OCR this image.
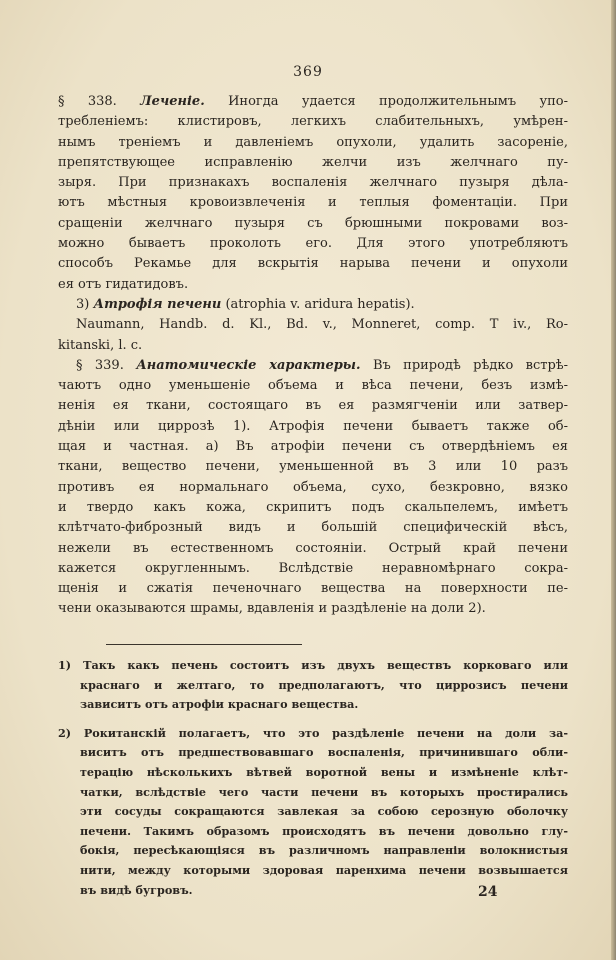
369
§ 338. Леченіе. Иногда удается продолжительнымъ упо-
требленіемъ: клистировъ, легкихъ слабительныхъ, умѣрен-
нымъ треніемъ и давленіемъ опухоли, удалить засореніе,
препятствующее исправленію желчи изъ желчнаго пу-
зыря. При признакахъ воспаленія желчнаго пузыря дѣла-
ютъ мѣстныя кровоизвлеченія и теплыя фоментаціи. При
сращеніи желчнаго пузыря съ брюшными покровами воз-
можно бываетъ проколоть его. Для этого употребляютъ
способъ Рекамье для вскрытія нарыва печени и опухоли
ея отъ гидатидовъ.
3) Атрофія печени (atrophia v. aridura hepatis).
Naumann, Handb. d. Kl., Bd. v., Monneret, comp. T iv., Ro-
kitanski, l. c.
§ 339. Анатомическіе характеры. Въ природѣ рѣдко встрѣ-
чаютъ одно уменьшеніе объема и вѣса печени, безъ измѣ-
ненія ея ткани, состоящаго въ ея размягченіи или затвер-
дѣніи или циррозѣ 1). Атрофія печени бываетъ также об-
щая и частная. а) Въ атрофіи печени съ отвердѣніемъ ея
ткани, вещество печени, уменьшенной въ 3 или 10 разъ
противъ ея нормальнаго объема, сухо, безкровно, вязко
и твердо какъ кожа, скрипитъ подъ скальпелемъ, имѣетъ
клѣтчато-фиброзный видъ и большій специфическій вѣсъ,
нежели въ естественномъ состояніи. Острый край печени
кажется округленнымъ. Вслѣдствіе неравномѣрнаго сокра-
щенія и сжатія печеночнаго вещества на поверхности пе-
чени оказываются шрамы, вдавленія и раздѣленіе на доли 2).
1) Такъ какъ печень состоитъ изъ двухъ веществъ корковаго или
краснаго и желтаго, то предполагаютъ, что циррозисъ печени
зависитъ отъ атрофіи краснаго вещества.
2) Рокитанскій полагаетъ, что это раздѣленіе печени на доли за-
виситъ отъ предшествовавшаго воспаленія, причинившаго обли-
терацію нѣсколькихъ вѣтвей воротной вены и измѣненіе клѣт-
чатки, вслѣдствіе чего части печени въ которыхъ простирались
эти сосуды сокращаются завлекая за собою серозную оболочку
печени. Такимъ образомъ происходятъ въ печени довольно глу-
бокія, пересѣкающіяся въ различномъ направленіи волокнистыя
нити, между которыми здоровая паренхима печени возвышается
въ видѣ бугровъ.	24
